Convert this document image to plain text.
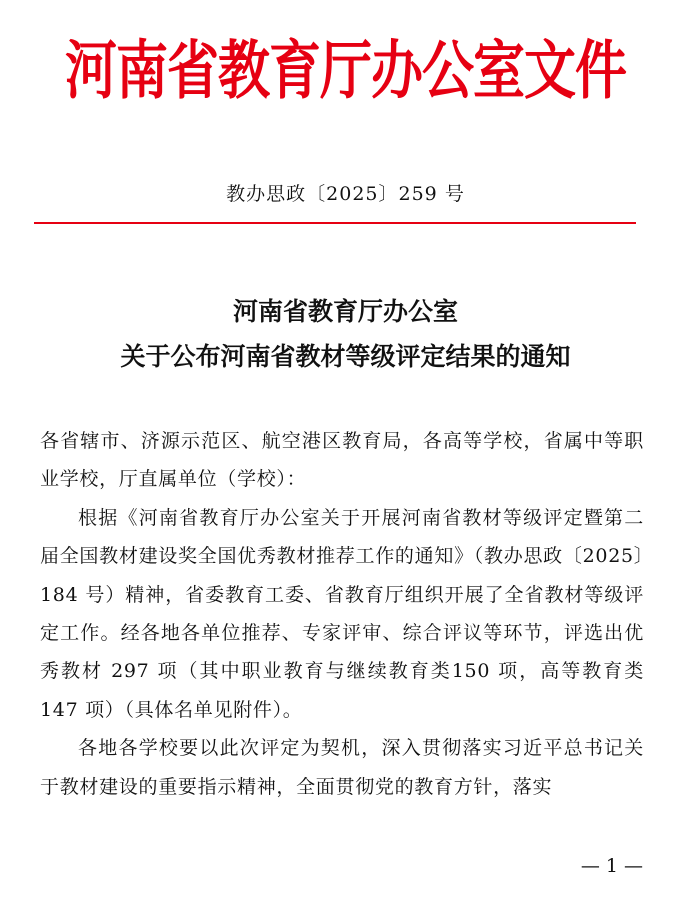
河南省教育厅办公室文件
教办思政〔2025〕259 号
河南省教育厅办公室
关于公布河南省教材等级评定结果的通知

各省辖市、济源示范区、航空港区教育局，各高等学校，省属中等职业学校，厅直属单位（学校）：

根据《河南省教育厅办公室关于开展河南省教材等级评定暨第二届全国教材建设奖全国优秀教材推荐工作的通知》（教办思政〔2025〕184 号）精神，省委教育工委、省教育厅组织开展了全省教材等级评定工作。经各地各单位推荐、专家评审、综合评议等环节，评选出优秀教材 297 项（其中职业教育与继续教育类150 项，高等教育类 147 项）（具体名单见附件）。

各地各学校要以此次评定为契机，深入贯彻落实习近平总书记关于教材建设的重要指示精神，全面贯彻党的教育方针，落实

— 1 —
